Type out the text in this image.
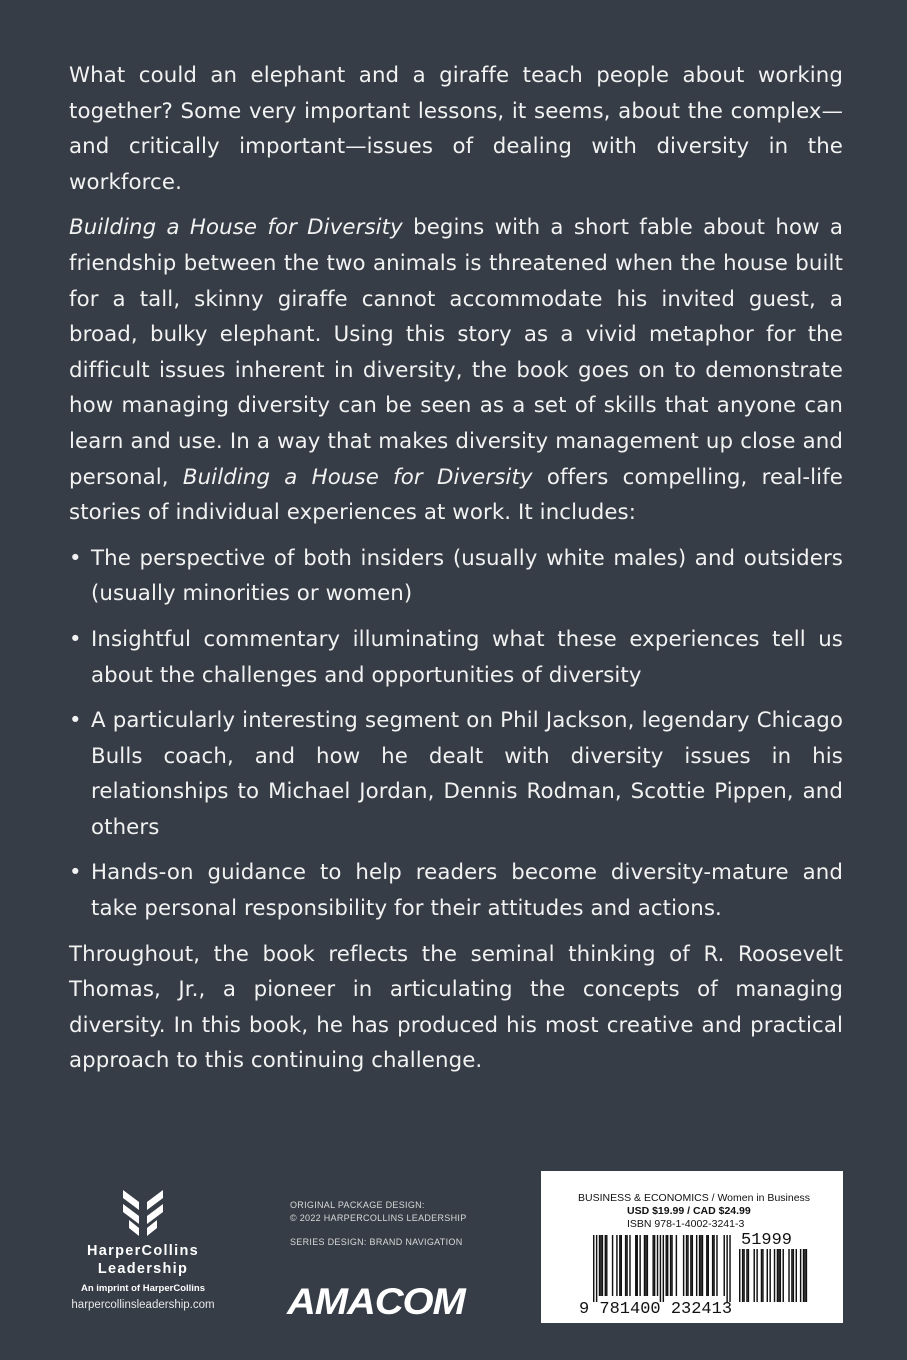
What could an elephant and a giraffe teach people about working together? Some very important lessons, it seems, about the complex—and critically important—issues of dealing with diversity in the workforce.

Building a House for Diversity begins with a short fable about how a friendship between the two animals is threatened when the house built for a tall, skinny giraffe cannot accommodate his invited guest, a broad, bulky elephant. Using this story as a vivid metaphor for the difficult issues inherent in diversity, the book goes on to demonstrate how managing diversity can be seen as a set of skills that anyone can learn and use. In a way that makes diversity management up close and personal, Building a House for Diversity offers compelling, real-life stories of individual experiences at work. It includes:

• The perspective of both insiders (usually white males) and outsiders (usually minorities or women)
• Insightful commentary illuminating what these experiences tell us about the challenges and opportunities of diversity
• A particularly interesting segment on Phil Jackson, legendary Chicago Bulls coach, and how he dealt with diversity issues in his relationships to Michael Jordan, Dennis Rodman, Scottie Pippen, and others
• Hands-on guidance to help readers become diversity-mature and take personal responsibility for their attitudes and actions.

Throughout, the book reflects the seminal thinking of R. Roosevelt Thomas, Jr., a pioneer in articulating the concepts of managing diversity. In this book, he has produced his most creative and practical approach to this continuing challenge.

HarperCollins
Leadership
An imprint of HarperCollins
harpercollinsleadership.com
ORIGINAL PACKAGE DESIGN:
© 2022 HARPERCOLLINS LEADERSHIP
SERIES DESIGN: BRAND NAVIGATION
AMACOM
BUSINESS & ECONOMICS / Women in Business
USD $19.99 / CAD $24.99
ISBN 978-1-4002-3241-3
9 781400 232413
51999
